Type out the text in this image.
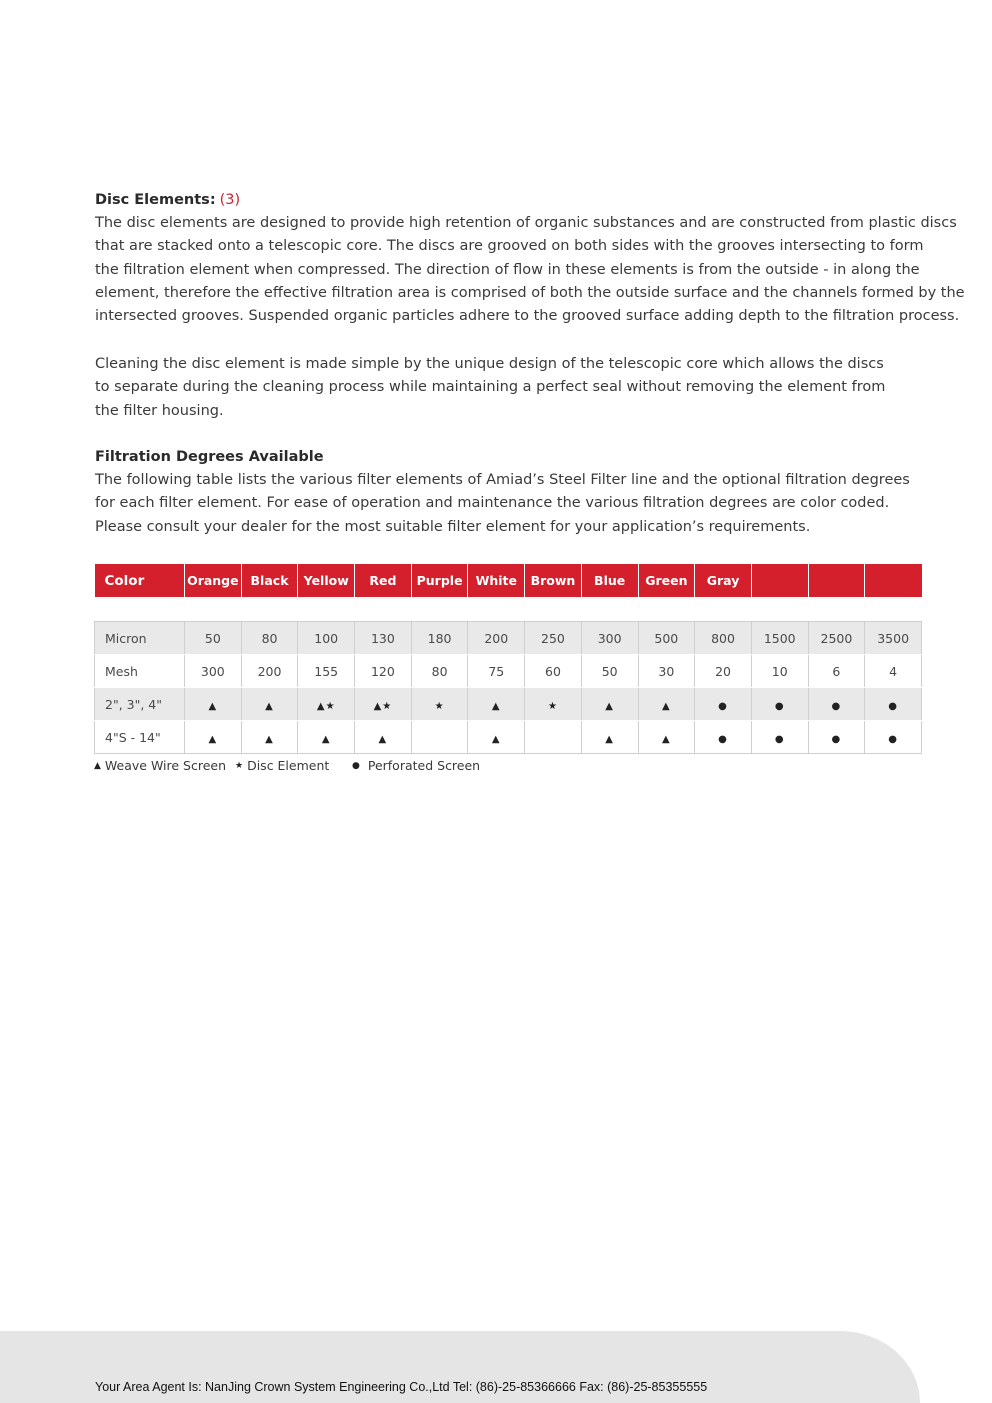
Disc Elements: (3)
The disc elements are designed to provide high retention of organic substances and are constructed from plastic discs
that are stacked onto a telescopic core. The discs are grooved on both sides with the grooves intersecting to form
the filtration element when compressed. The direction of flow in these elements is from the outside - in along the
element, therefore the effective filtration area is comprised of both the outside surface and the channels formed by the
intersected grooves. Suspended organic particles adhere to the grooved surface adding depth to the filtration process.
Cleaning the disc element is made simple by the unique design of the telescopic core which allows the discs
to separate during the cleaning process while maintaining a perfect seal without removing the element from
the filter housing.
Filtration Degrees Available
The following table lists the various filter elements of Amiad’s Steel Filter line and the optional filtration degrees
for each filter element. For ease of operation and maintenance the various filtration degrees are color coded.
Please consult your dealer for the most suitable filter element for your application’s requirements.
Color	Orange	Black	Yellow	Red	Purple	White	Brown	Blue	Green	Gray			

Micron	50	80	100	130	180	200	250	300	500	800	1500	2500	3500
Mesh	300	200	155	120	80	75	60	50	30	20	10	6	4
2", 3", 4"	▲	▲	▲★	▲★	★	▲	★	▲	▲	●	●	●	●
4"S - 14"	▲	▲	▲	▲		▲		▲	▲	●	●	●	●
▲ Weave Wire Screen ★ Disc Element	● Perforated Screen
Your Area Agent Is: NanJing Crown System Engineering Co.,Ltd Tel: (86)-25-85366666 Fax: (86)-25-85355555
